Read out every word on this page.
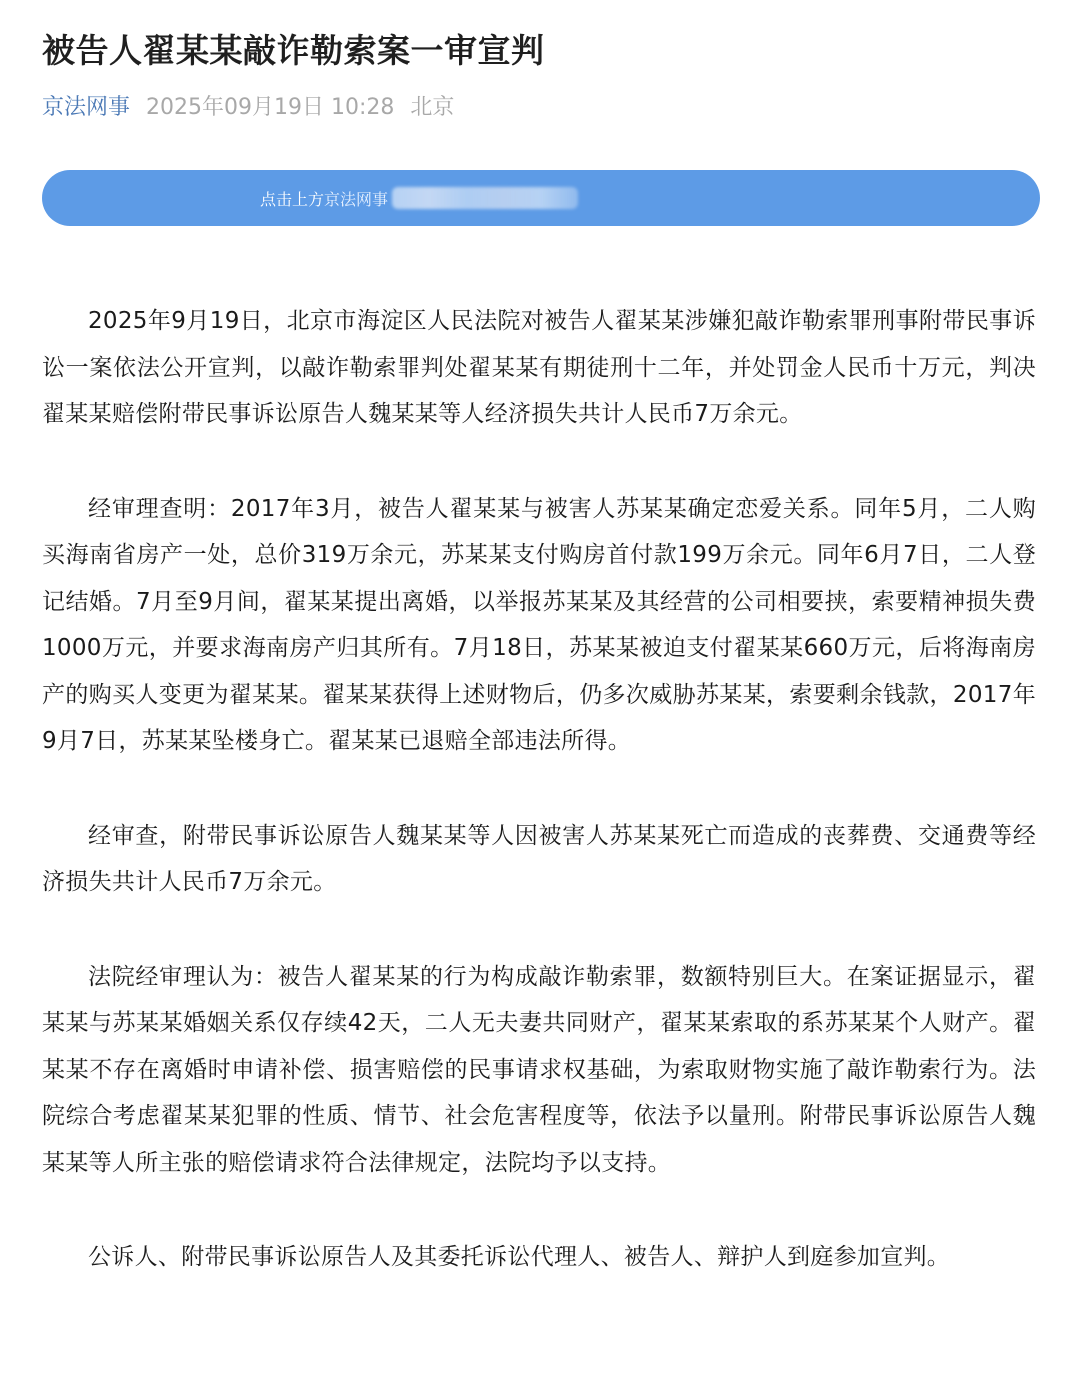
被告人翟某某敲诈勒索案一审宣判
京法网事 2025年09月19日 10:28 北京
点击上方京法网事

2025年9月19日，北京市海淀区人民法院对被告人翟某某涉嫌犯敲诈勒索罪刑事附带民事诉讼一案依法公开宣判，以敲诈勒索罪判处翟某某有期徒刑十二年，并处罚金人民币十万元，判决翟某某赔偿附带民事诉讼原告人魏某某等人经济损失共计人民币7万余元。

经审理查明：2017年3月，被告人翟某某与被害人苏某某确定恋爱关系。同年5月，二人购买海南省房产一处，总价319万余元，苏某某支付购房首付款199万余元。同年6月7日，二人登记结婚。7月至9月间，翟某某提出离婚，以举报苏某某及其经营的公司相要挟，索要精神损失费1000万元，并要求海南房产归其所有。7月18日，苏某某被迫支付翟某某660万元，后将海南房产的购买人变更为翟某某。翟某某获得上述财物后，仍多次威胁苏某某，索要剩余钱款，2017年9月7日，苏某某坠楼身亡。翟某某已退赔全部违法所得。

经审查，附带民事诉讼原告人魏某某等人因被害人苏某某死亡而造成的丧葬费、交通费等经济损失共计人民币7万余元。

法院经审理认为：被告人翟某某的行为构成敲诈勒索罪，数额特别巨大。在案证据显示，翟某某与苏某某婚姻关系仅存续42天，二人无夫妻共同财产，翟某某索取的系苏某某个人财产。翟某某不存在离婚时申请补偿、损害赔偿的民事请求权基础，为索取财物实施了敲诈勒索行为。法院综合考虑翟某某犯罪的性质、情节、社会危害程度等，依法予以量刑。附带民事诉讼原告人魏某某等人所主张的赔偿请求符合法律规定，法院均予以支持。

公诉人、附带民事诉讼原告人及其委托诉讼代理人、被告人、辩护人到庭参加宣判。
